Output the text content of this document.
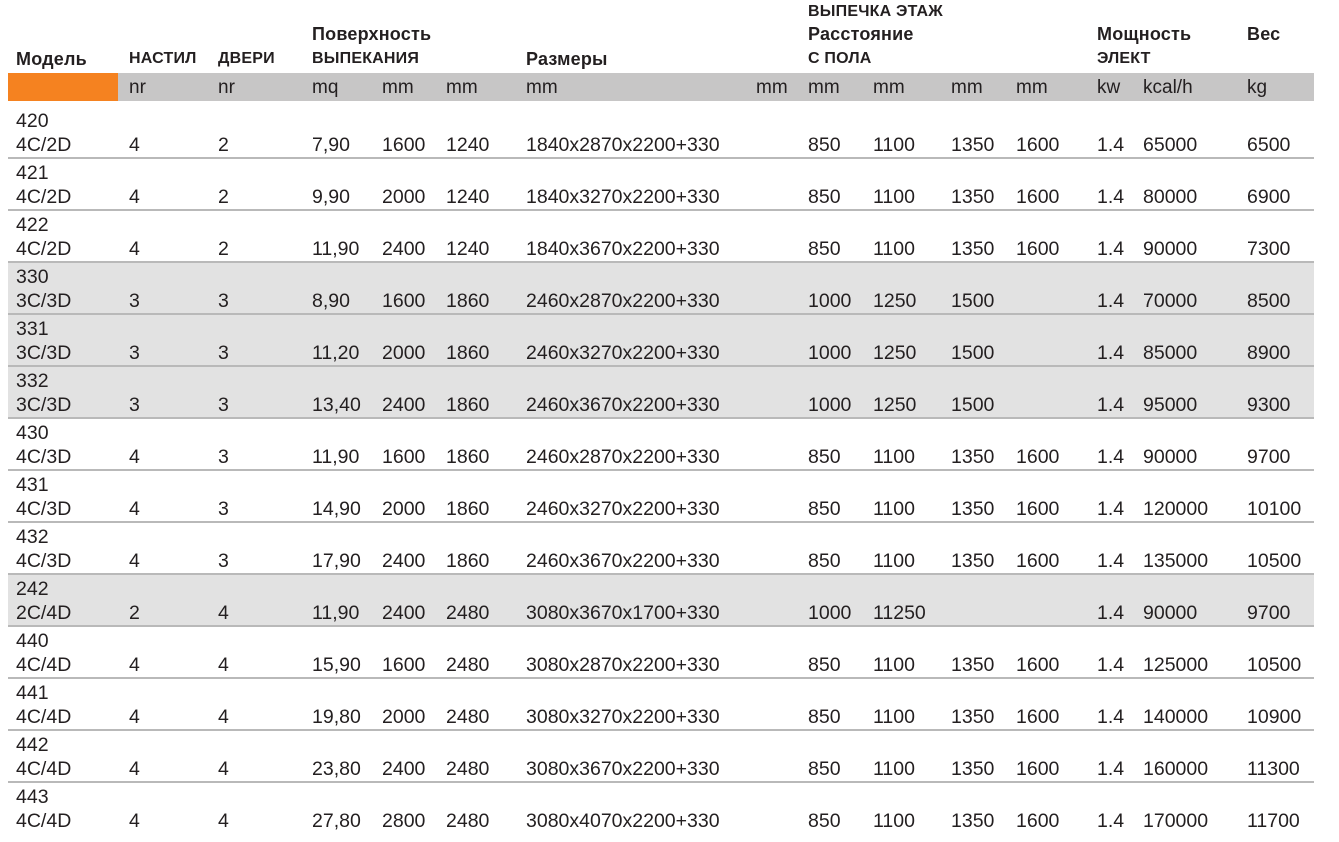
Модель	НАСТИЛ ДВЕРИ
Поверхность
ВЫПЕКАНИЯ	Размеры
ВЫПЕЧКА ЭТАЖ
Расстояние
С ПОЛА
Мощность
ЭЛЕКТ
Вес
nr	nr	mq mm mm	mm	mm mm mm mm mm	kw kcal/h	kg
420
4C/2D	4	2	7,90 1600 1240 1840x2870x2200+330	850 1100 1350 1600 1.4 65000	6500
421
4C/2D	4	2	9,90 2000 1240 1840x3270x2200+330	850 1100 1350 1600 1.4 80000	6900
422
4C/2D	4	2	11,90 2400 1240 1840x3670x2200+330	850 1100 1350 1600 1.4 90000	7300
330
3C/3D	3	3	8,90 1600 1860 2460x2870x2200+330	1000 1250 1500	1.4 70000	8500
331
3C/3D	3	3	11,20 2000 1860 2460x3270x2200+330	1000 1250 1500	1.4 85000	8900
332
3C/3D	3	3	13,40 2400 1860 2460x3670x2200+330	1000 1250 1500	1.4 95000	9300
430
4C/3D	4	3	11,90 1600 1860 2460x2870x2200+330	850 1100 1350 1600 1.4 90000	9700
431
4C/3D	4	3	14,90 2000 1860 2460x3270x2200+330	850 1100 1350 1600 1.4 120000 10100
432
4C/3D	4	3	17,90 2400 1860 2460x3670x2200+330	850 1100 1350 1600 1.4 135000 10500
242
2C/4D	2	4	11,90 2400 2480 3080x3670x1700+330	1000 11250	1.4 90000	9700
440
4C/4D	4	4	15,90 1600 2480 3080x2870x2200+330	850 1100 1350 1600 1.4 125000 10500
441
4C/4D	4	4	19,80 2000 2480 3080x3270x2200+330	850 1100 1350 1600 1.4 140000 10900
442
4C/4D	4	4	23,80 2400 2480 3080x3670x2200+330	850 1100 1350 1600 1.4 160000 11300
443
4C/4D	4	4	27,80 2800 2480 3080x4070x2200+330	850 1100 1350 1600 1.4 170000 11700
